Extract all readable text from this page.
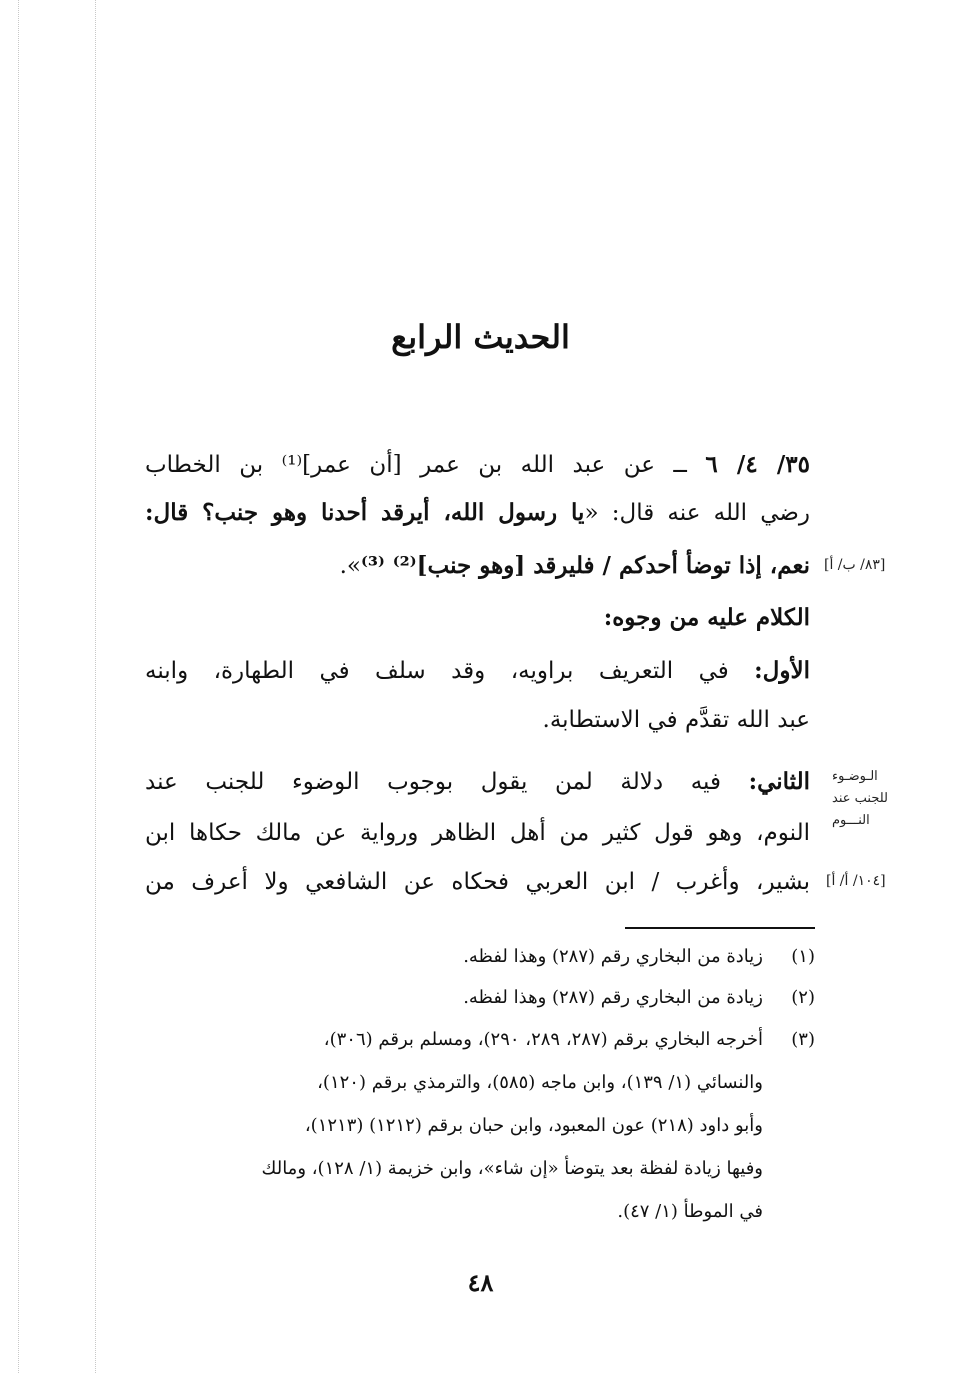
الحديث الرابع
٣٥/ ٤/ ٦ ــ عن عبد الله بن عمر [أن عمر]⁽¹⁾ بن الخطاب
رضي الله عنه قال: «يا رسول الله، أيرقد أحدنا وهو جنب؟ قال:
نعم، إذا توضأ أحدكم / فليرقد [وهو جنب]⁽²⁾ ⁽³⁾».	[٨٣/ ب/ أ]
الكلام عليه من وجوه:
الأول: في التعريف براويه، وقد سلف في الطهارة، وابنه
عبد الله تقدَّم في الاستطابة.
الـوضـوء
للجنب عند
النـــوم
الثاني: فيه دلالة لمن يقول بوجوب الوضوء للجنب عند
النوم، وهو قول كثير من أهل الظاهر ورواية عن مالك حكاها ابن
بشير، وأغرب / ابن العربي فحكاه عن الشافعي ولا أعرف من [١٠٤/ أ/ أ]
(١)
زيادة من البخاري رقم (٢٨٧) وهذا لفظه.
(٢)
زيادة من البخاري رقم (٢٨٧) وهذا لفظه.
(٣)
أخرجه البخاري برقم (٢٨٧، ٢٨٩، ٢٩٠)، ومسلم برقم (٣٠٦)،
والنسائي (١/ ١٣٩)، وابن ماجه (٥٨٥)، والترمذي برقم (١٢٠)،
وأبو داود (٢١٨) عون المعبود، وابن حبان برقم (١٢١٢) (١٢١٣)،
وفيها زيادة لفظة بعد يتوضأ «إن شاء»، وابن خزيمة (١/ ١٢٨)، ومالك
في الموطأ (١/ ٤٧).
٤٨
